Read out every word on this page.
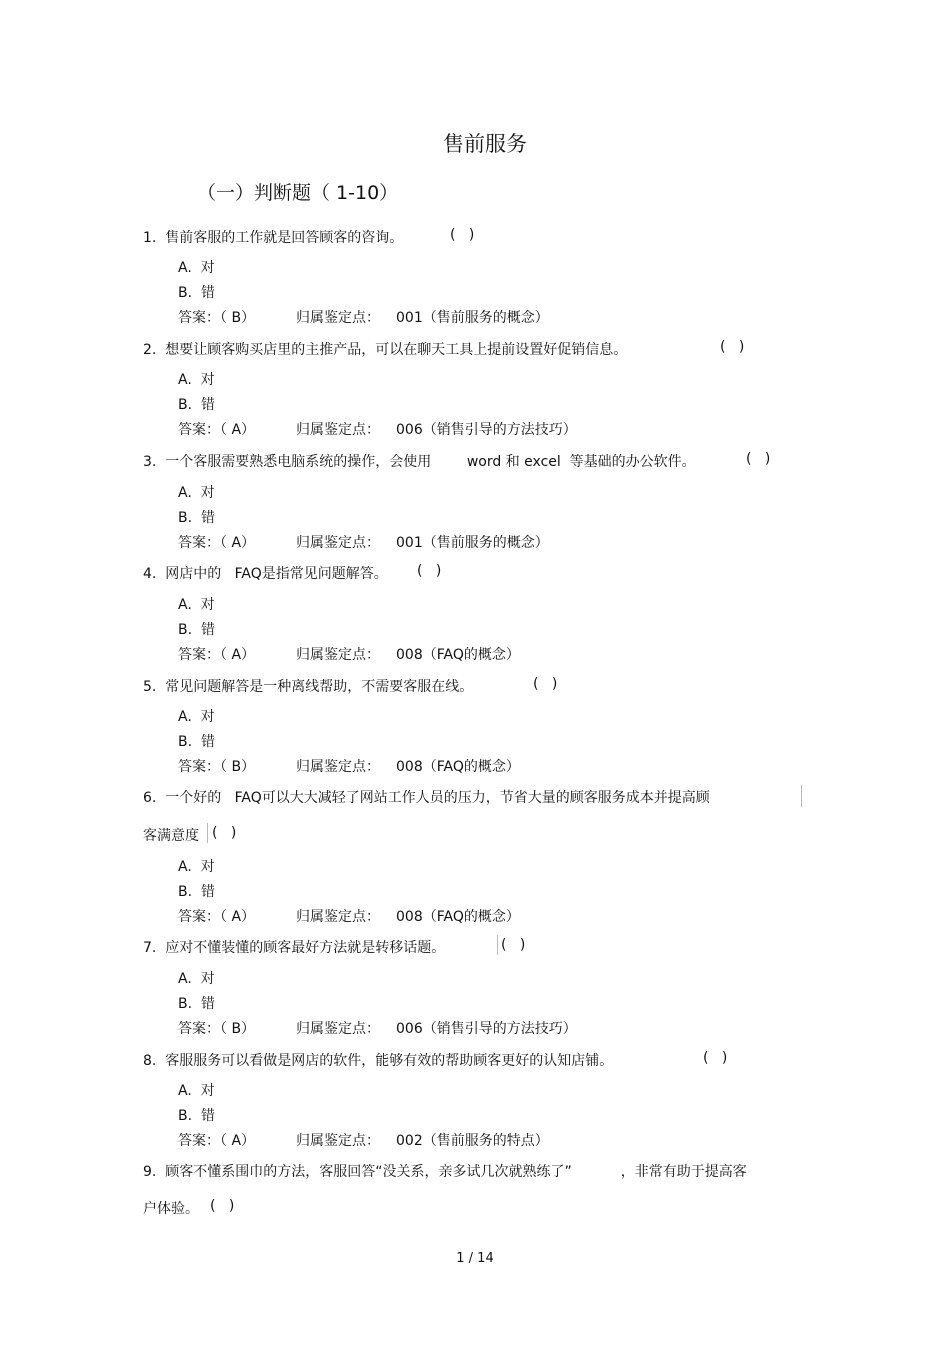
售前服务
（一）判断题（ 1-10）
1.  售前客服的工作就是回答顾客的咨询。	(   )
A.  对
B.  错
答案：（ B）	归属鉴定点： 001（售前服务的概念）
2.  想要让顾客购买店里的主推产品，可以在聊天工具上提前设置好促销信息。	(   )
A.  对
B.  错
答案：（ A）	归属鉴定点： 006（销售引导的方法技巧）
3.  一个客服需要熟悉电脑系统的操作，会使用        word 和 excel  等基础的办公软件。	(   )
A.  对
B.  错
答案：（ A）	归属鉴定点： 001（售前服务的概念）
4.  网店中的   FAQ是指常见问题解答。 (   )
A.  对
B.  错
答案：（ A）	归属鉴定点： 008（FAQ的概念）
5.  常见问题解答是一种离线帮助，不需要客服在线。	(   )
A.  对
B.  错
答案：（ B）	归属鉴定点： 008（FAQ的概念）
6.  一个好的   FAQ可以大大减轻了网站工作人员的压力，节省大量的顾客服务成本并提高顾
客满意度 (   )
A.  对
B.  错
答案：（ A）	归属鉴定点： 008（FAQ的概念）
7.  应对不懂装懂的顾客最好方法就是转移话题。	(   )
A.  对
B.  错
答案：（ B）	归属鉴定点： 006（销售引导的方法技巧）
8.  客服服务可以看做是网店的软件，能够有效的帮助顾客更好的认知店铺。	(   )
A.  对
B.  错
答案：（ A）	归属鉴定点： 002（售前服务的特点）
9.  顾客不懂系围巾的方法，客服回答“没关系，亲多试几次就熟练了”           ，非常有助于提高客
户体验。 (   )
1 / 14
